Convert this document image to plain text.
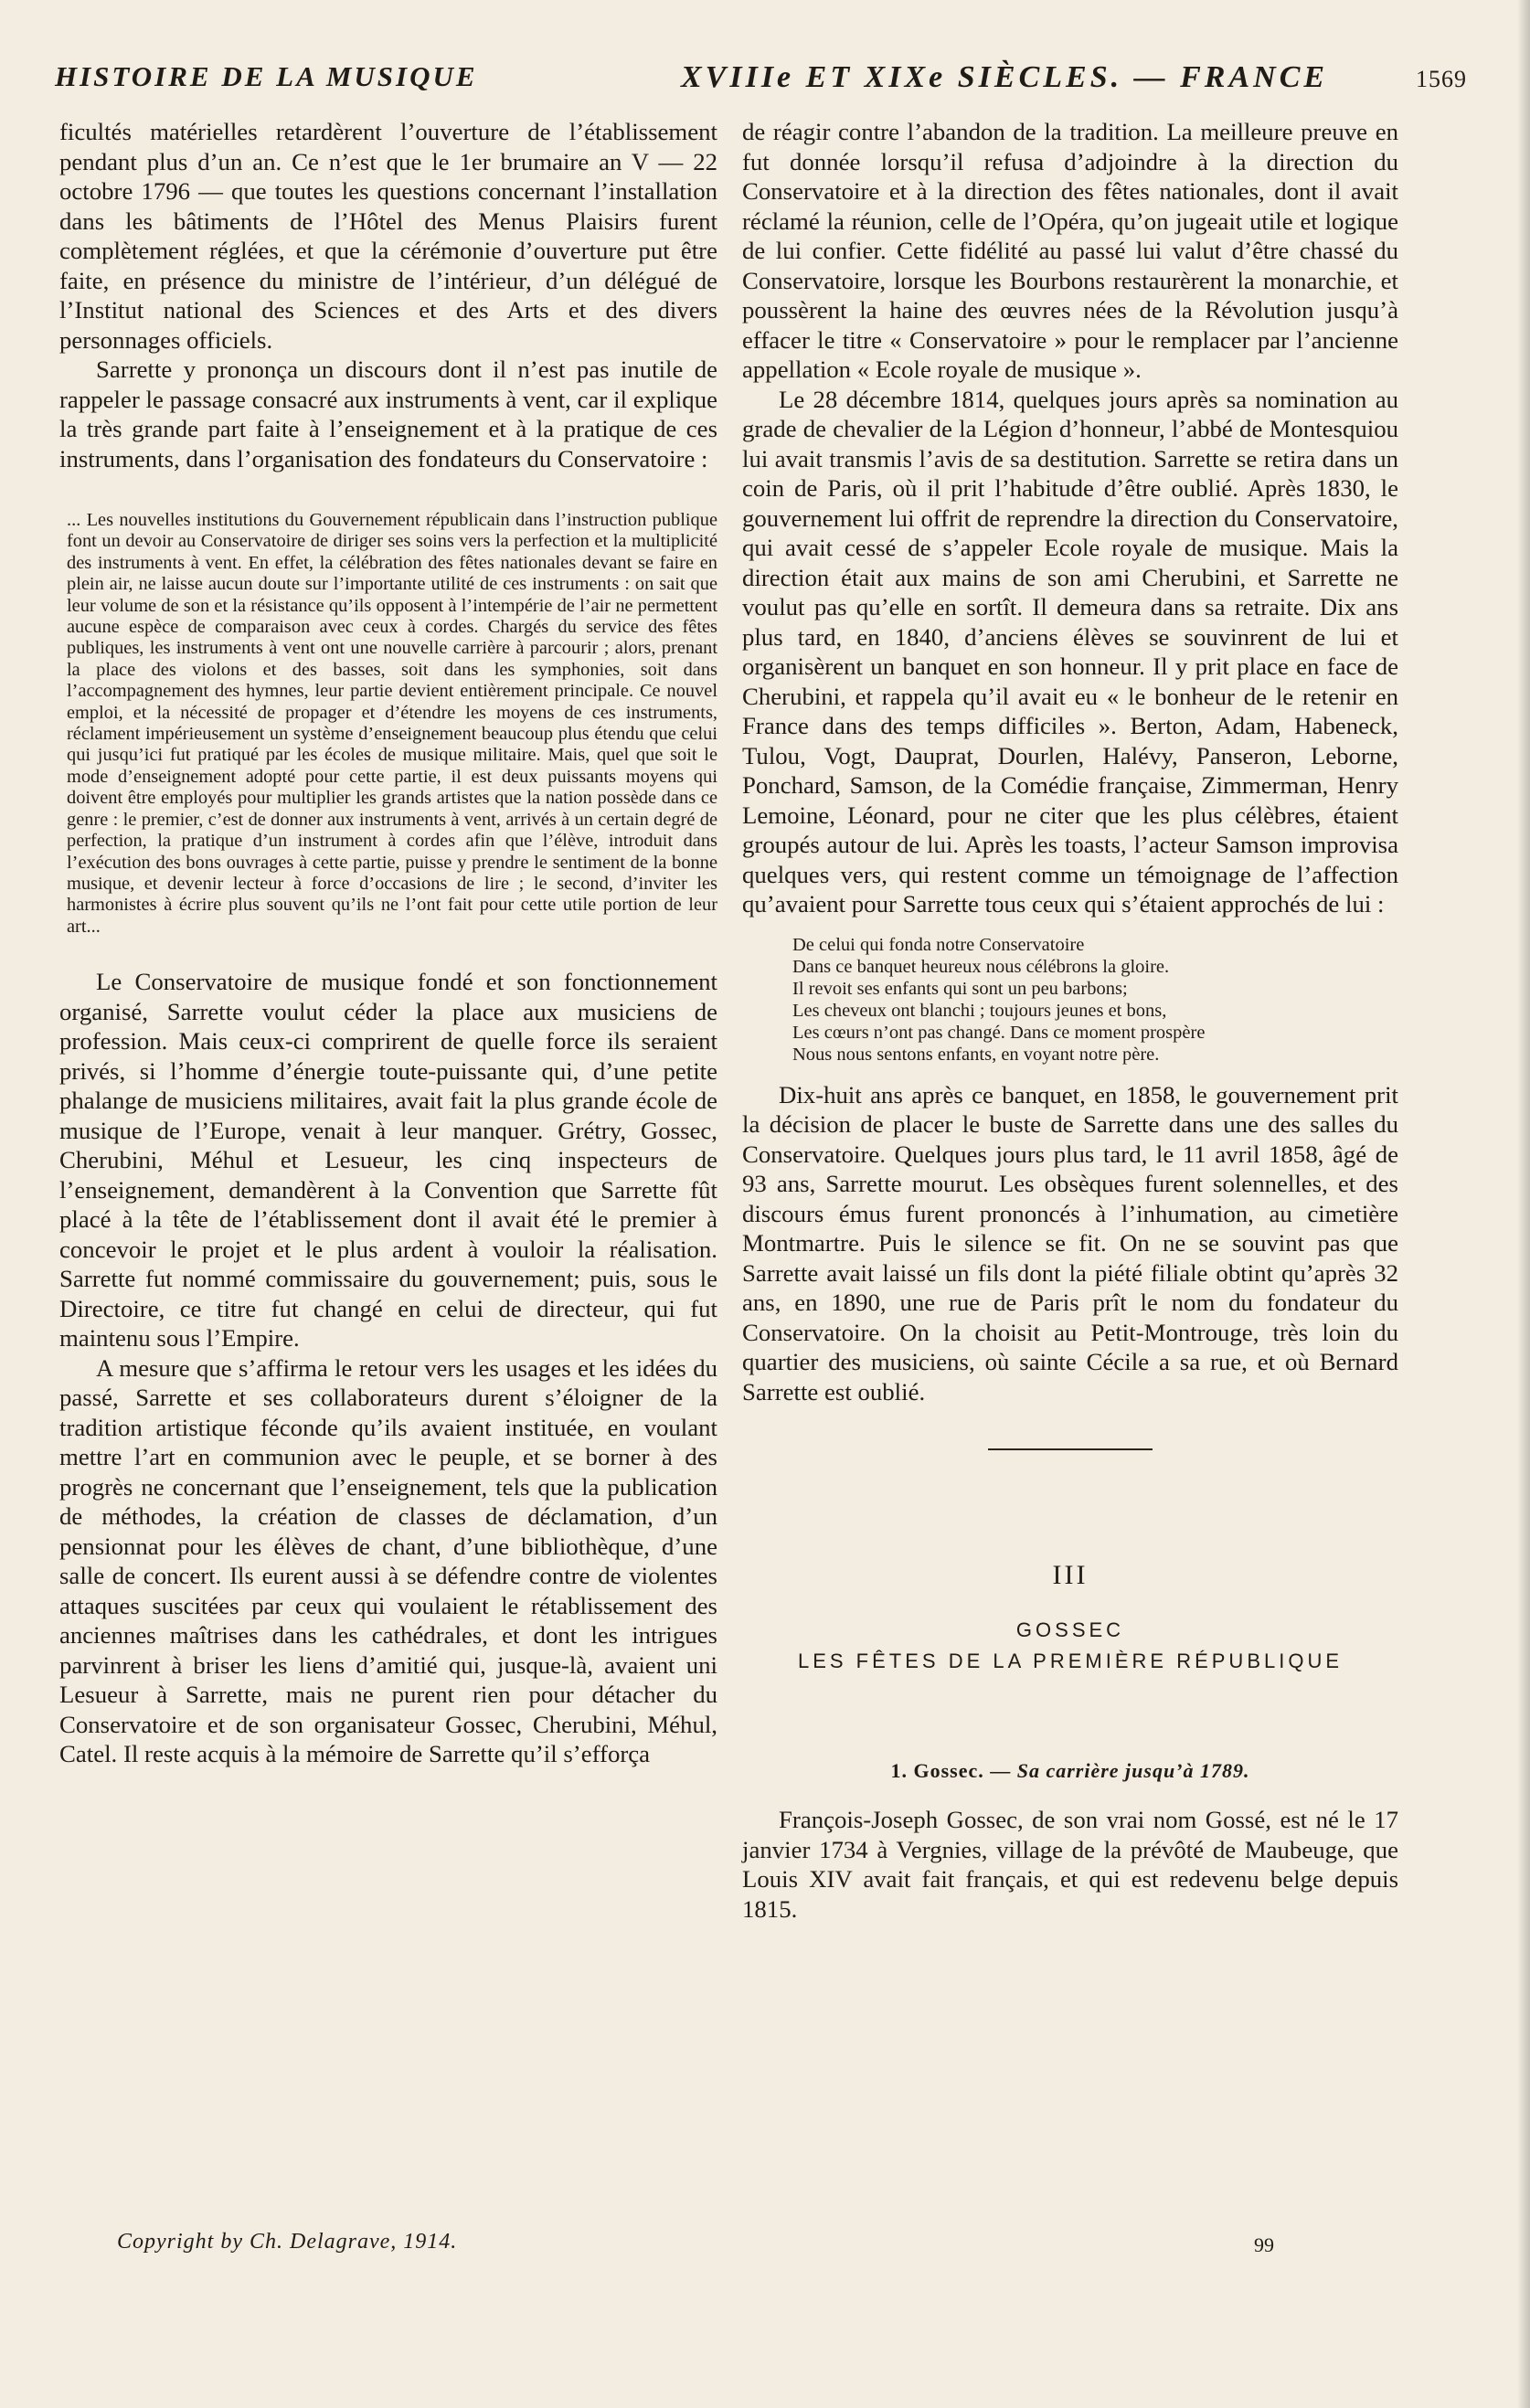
HISTOIRE DE LA MUSIQUE	XVIIIe ET XIXe SIÈCLES. — FRANCE	1569

ficultés matérielles retardèrent l’ouverture de l’établissement pendant plus d’un an. Ce n’est que le 1er brumaire an V — 22 octobre 1796 — que toutes les questions concernant l’installation dans les bâtiments de l’Hôtel des Menus Plaisirs furent complètement réglées, et que la cérémonie d’ouverture put être faite, en présence du ministre de l’intérieur, d’un délégué de l’Institut national des Sciences et des Arts et des divers personnages officiels.

Sarrette y prononça un discours dont il n’est pas inutile de rappeler le passage consacré aux instruments à vent, car il explique la très grande part faite à l’enseignement et à la pratique de ces instruments, dans l’organisation des fondateurs du Conservatoire :

... Les nouvelles institutions du Gouvernement républicain dans l’instruction publique font un devoir au Conservatoire de diriger ses soins vers la perfection et la multiplicité des instruments à vent. En effet, la célébration des fêtes nationales devant se faire en plein air, ne laisse aucun doute sur l’importante utilité de ces instruments : on sait que leur volume de son et la résistance qu’ils opposent à l’intempérie de l’air ne permettent aucune espèce de comparaison avec ceux à cordes. Chargés du service des fêtes publiques, les instruments à vent ont une nouvelle carrière à parcourir ; alors, prenant la place des violons et des basses, soit dans les symphonies, soit dans l’accompagnement des hymnes, leur partie devient entièrement principale. Ce nouvel emploi, et la nécessité de propager et d’étendre les moyens de ces instruments, réclament impérieusement un système d’enseignement beaucoup plus étendu que celui qui jusqu’ici fut pratiqué par les écoles de musique militaire. Mais, quel que soit le mode d’enseignement adopté pour cette partie, il est deux puissants moyens qui doivent être employés pour multiplier les grands artistes que la nation possède dans ce genre : le premier, c’est de donner aux instruments à vent, arrivés à un certain degré de perfection, la pratique d’un instrument à cordes afin que l’élève, introduit dans l’exécution des bons ouvrages à cette partie, puisse y prendre le sentiment de la bonne musique, et devenir lecteur à force d’occasions de lire ; le second, d’inviter les harmonistes à écrire plus souvent qu’ils ne l’ont fait pour cette utile portion de leur art...

Le Conservatoire de musique fondé et son fonctionnement organisé, Sarrette voulut céder la place aux musiciens de profession. Mais ceux-ci comprirent de quelle force ils seraient privés, si l’homme d’énergie toute-puissante qui, d’une petite phalange de musiciens militaires, avait fait la plus grande école de musique de l’Europe, venait à leur manquer. Grétry, Gossec, Cherubini, Méhul et Lesueur, les cinq inspecteurs de l’enseignement, demandèrent à la Convention que Sarrette fût placé à la tête de l’établissement dont il avait été le premier à concevoir le projet et le plus ardent à vouloir la réalisation. Sarrette fut nommé commissaire du gouvernement; puis, sous le Directoire, ce titre fut changé en celui de directeur, qui fut maintenu sous l’Empire.

A mesure que s’affirma le retour vers les usages et les idées du passé, Sarrette et ses collaborateurs durent s’éloigner de la tradition artistique féconde qu’ils avaient instituée, en voulant mettre l’art en communion avec le peuple, et se borner à des progrès ne concernant que l’enseignement, tels que la publication de méthodes, la création de classes de déclamation, d’un pensionnat pour les élèves de chant, d’une bibliothèque, d’une salle de concert. Ils eurent aussi à se défendre contre de violentes attaques suscitées par ceux qui voulaient le rétablissement des anciennes maîtrises dans les cathédrales, et dont les intrigues parvinrent à briser les liens d’amitié qui, jusque-là, avaient uni Lesueur à Sarrette, mais ne purent rien pour détacher du Conservatoire et de son organisateur Gossec, Cherubini, Méhul, Catel. Il reste acquis à la mémoire de Sarrette qu’il s’efforça

de réagir contre l’abandon de la tradition. La meilleure preuve en fut donnée lorsqu’il refusa d’adjoindre à la direction du Conservatoire et à la direction des fêtes nationales, dont il avait réclamé la réunion, celle de l’Opéra, qu’on jugeait utile et logique de lui confier. Cette fidélité au passé lui valut d’être chassé du Conservatoire, lorsque les Bourbons restaurèrent la monarchie, et poussèrent la haine des œuvres nées de la Révolution jusqu’à effacer le titre « Conservatoire » pour le remplacer par l’ancienne appellation « Ecole royale de musique ».

Le 28 décembre 1814, quelques jours après sa nomination au grade de chevalier de la Légion d’honneur, l’abbé de Montesquiou lui avait transmis l’avis de sa destitution. Sarrette se retira dans un coin de Paris, où il prit l’habitude d’être oublié. Après 1830, le gouvernement lui offrit de reprendre la direction du Conservatoire, qui avait cessé de s’appeler Ecole royale de musique. Mais la direction était aux mains de son ami Cherubini, et Sarrette ne voulut pas qu’elle en sortît. Il demeura dans sa retraite. Dix ans plus tard, en 1840, d’anciens élèves se souvinrent de lui et organisèrent un banquet en son honneur. Il y prit place en face de Cherubini, et rappela qu’il avait eu « le bonheur de le retenir en France dans des temps difficiles ». Berton, Adam, Habeneck, Tulou, Vogt, Dauprat, Dourlen, Halévy, Panseron, Leborne, Ponchard, Samson, de la Comédie française, Zimmerman, Henry Lemoine, Léonard, pour ne citer que les plus célèbres, étaient groupés autour de lui. Après les toasts, l’acteur Samson improvisa quelques vers, qui restent comme un témoignage de l’affection qu’avaient pour Sarrette tous ceux qui s’étaient approchés de lui :

De celui qui fonda notre Conservatoire
Dans ce banquet heureux nous célébrons la gloire.
Il revoit ses enfants qui sont un peu barbons;
Les cheveux ont blanchi ; toujours jeunes et bons,
Les cœurs n’ont pas changé. Dans ce moment prospère
Nous nous sentons enfants, en voyant notre père.

Dix-huit ans après ce banquet, en 1858, le gouvernement prit la décision de placer le buste de Sarrette dans une des salles du Conservatoire. Quelques jours plus tard, le 11 avril 1858, âgé de 93 ans, Sarrette mourut. Les obsèques furent solennelles, et des discours émus furent prononcés à l’inhumation, au cimetière Montmartre. Puis le silence se fit. On ne se souvint pas que Sarrette avait laissé un fils dont la piété filiale obtint qu’après 32 ans, en 1890, une rue de Paris prît le nom du fondateur du Conservatoire. On la choisit au Petit-Montrouge, très loin du quartier des musiciens, où sainte Cécile a sa rue, et où Bernard Sarrette est oublié.

III
GOSSEC
LES FÊTES DE LA PREMIÈRE RÉPUBLIQUE
1. Gossec. — Sa carrière jusqu’à 1789.

François-Joseph Gossec, de son vrai nom Gossé, est né le 17 janvier 1734 à Vergnies, village de la prévôté de Maubeuge, que Louis XIV avait fait français, et qui est redevenu belge depuis 1815.

Copyright by Ch. Delagrave, 1914.	99
